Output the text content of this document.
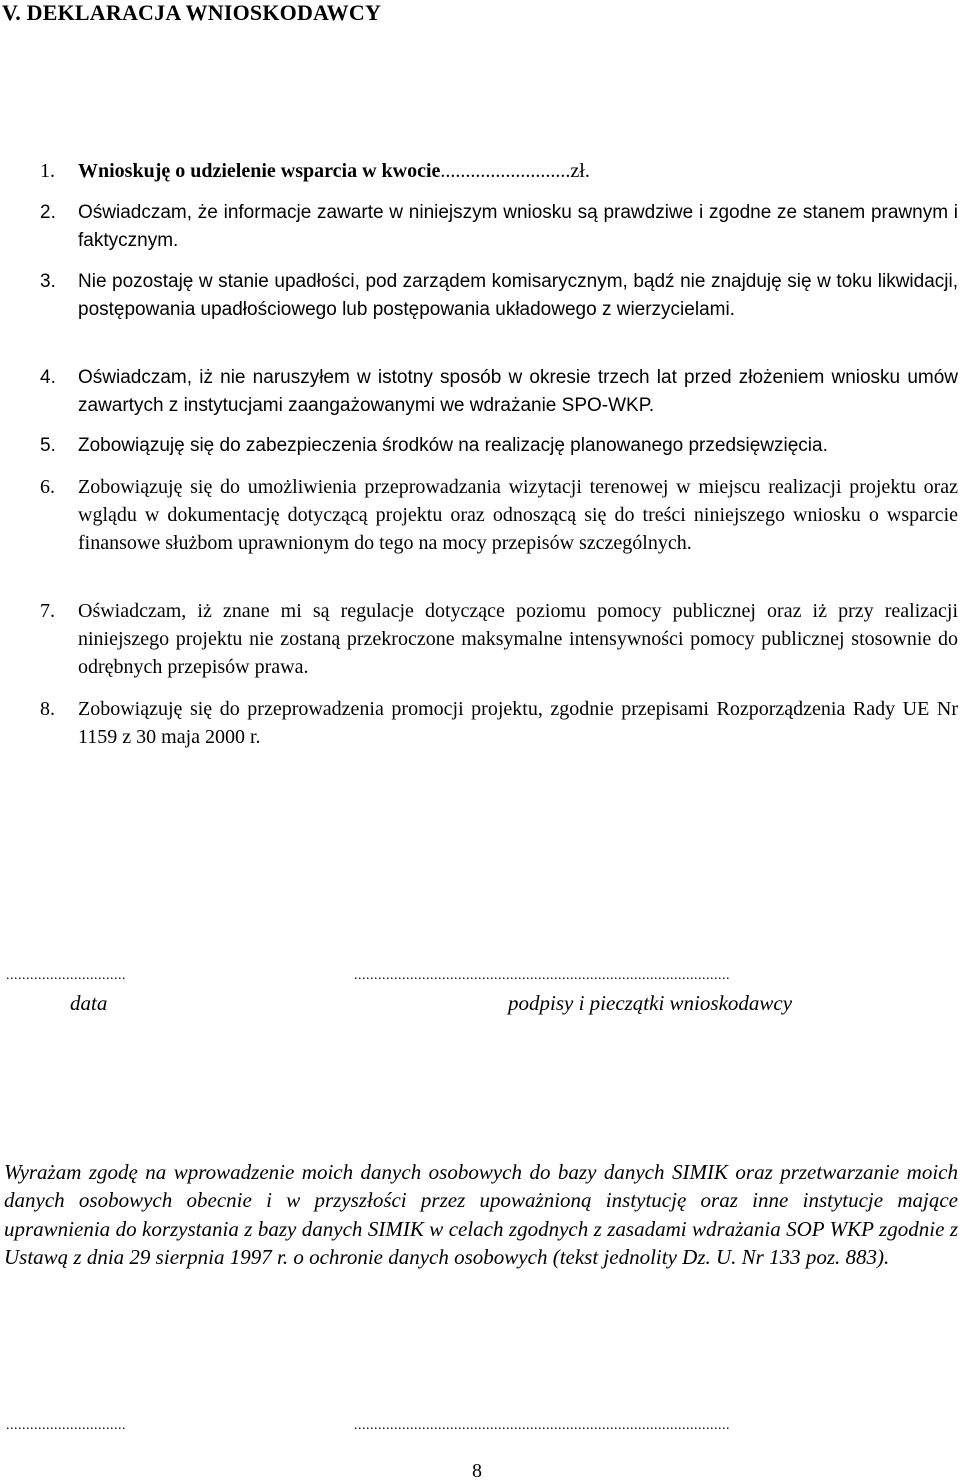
V. DEKLARACJA WNIOSKODAWCY
1. Wnioskuję o udzielenie wsparcia w kwocie..........................zł.
2. Oświadczam, że informacje zawarte w niniejszym wniosku są prawdziwe i zgodne ze stanem prawnym i faktycznym.
3. Nie pozostaję w stanie upadłości, pod zarządem komisarycznym, bądź nie znajduję się w toku likwidacji, postępowania upadłościowego lub postępowania układowego z wierzycielami.
4. Oświadczam, iż nie naruszyłem w istotny sposób w okresie trzech lat przed złożeniem wniosku umów zawartych z instytucjami zaangażowanymi we wdrażanie SPO-WKP.
5. Zobowiązuję się do zabezpieczenia środków na realizację planowanego przedsięwzięcia.
6. Zobowiązuję się do umożliwienia przeprowadzania wizytacji terenowej w miejscu realizacji projektu oraz wglądu w dokumentację dotyczącą projektu oraz odnoszącą się do treści niniejszego wniosku o wsparcie finansowe służbom uprawnionym do tego na mocy przepisów szczególnych.
7. Oświadczam, iż znane mi są regulacje dotyczące poziomu pomocy publicznej oraz iż przy realizacji niniejszego projektu nie zostaną przekroczone maksymalne intensywności pomocy publicznej stosownie do odrębnych przepisów prawa.
8. Zobowiązuję się do przeprowadzenia promocji projektu, zgodnie przepisami Rozporządzenia Rady UE Nr 1159 z 30 maja 2000 r.
..............................	..............................................................................................
data	podpisy i pieczątki wnioskodawcy
Wyrażam zgodę na wprowadzenie moich danych osobowych do bazy danych SIMIK oraz przetwarzanie moich danych osobowych obecnie i w przyszłości przez upoważnioną instytucję oraz inne instytucje mające uprawnienia do korzystania z bazy danych SIMIK w celach zgodnych z zasadami wdrażania SOP WKP zgodnie z Ustawą z dnia 29 sierpnia 1997 r. o ochronie danych osobowych (tekst jednolity Dz. U. Nr 133 poz. 883).
..............................	..............................................................................................
8
